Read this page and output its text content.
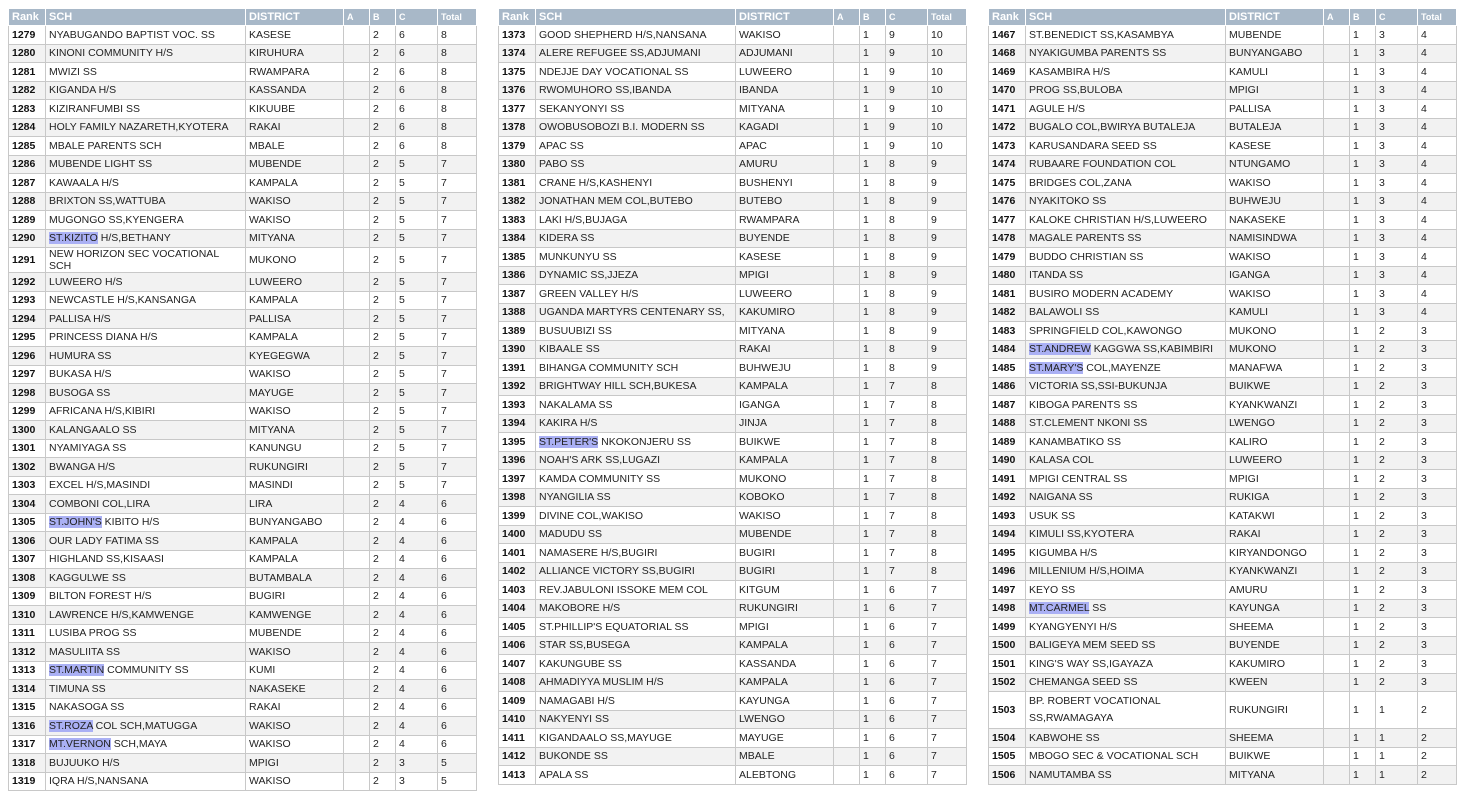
Rank	SCH	DISTRICT	A	B	C	Total
1279	NYABUGANDO BAPTIST VOC. SS	KASESE		2	6	8
1280	KINONI COMMUNITY H/S	KIRUHURA		2	6	8
1281	MWIZI SS	RWAMPARA		2	6	8
1282	KIGANDA H/S	KASSANDA		2	6	8
1283	KIZIRANFUMBI SS	KIKUUBE		2	6	8
1284	HOLY FAMILY NAZARETH,KYOTERA	RAKAI		2	6	8
1285	MBALE PARENTS SCH	MBALE		2	6	8
1286	MUBENDE LIGHT SS	MUBENDE		2	5	7
1287	KAWAALA H/S	KAMPALA		2	5	7
1288	BRIXTON SS,WATTUBA	WAKISO		2	5	7
1289	MUGONGO SS,KYENGERA	WAKISO		2	5	7
1290	ST.KIZITO H/S,BETHANY	MITYANA		2	5	7
1291	NEW HORIZON SEC VOCATIONAL SCH	MUKONO		2	5	7
1292	LUWEERO H/S	LUWEERO		2	5	7
1293	NEWCASTLE H/S,KANSANGA	KAMPALA		2	5	7
1294	PALLISA H/S	PALLISA		2	5	7
1295	PRINCESS DIANA H/S	KAMPALA		2	5	7
1296	HUMURA SS	KYEGEGWA		2	5	7
1297	BUKASA H/S	WAKISO		2	5	7
1298	BUSOGA SS	MAYUGE		2	5	7
1299	AFRICANA H/S,KIBIRI	WAKISO		2	5	7
1300	KALANGAALO SS	MITYANA		2	5	7
1301	NYAMIYAGA SS	KANUNGU		2	5	7
1302	BWANGA H/S	RUKUNGIRI		2	5	7
1303	EXCEL H/S,MASINDI	MASINDI		2	5	7
1304	COMBONI COL,LIRA	LIRA		2	4	6
1305	ST.JOHN'S KIBITO H/S	BUNYANGABO		2	4	6
1306	OUR LADY FATIMA SS	KAMPALA		2	4	6
1307	HIGHLAND SS,KISAASI	KAMPALA		2	4	6
1308	KAGGULWE SS	BUTAMBALA		2	4	6
1309	BILTON FOREST H/S	BUGIRI		2	4	6
1310	LAWRENCE H/S,KAMWENGE	KAMWENGE		2	4	6
1311	LUSIBA PROG SS	MUBENDE		2	4	6
1312	MASULIITA SS	WAKISO		2	4	6
1313	ST.MARTIN COMMUNITY SS	KUMI		2	4	6
1314	TIMUNA SS	NAKASEKE		2	4	6
1315	NAKASOGA SS	RAKAI		2	4	6
1316	ST.ROZA COL SCH,MATUGGA	WAKISO		2	4	6
1317	MT.VERNON SCH,MAYA	WAKISO		2	4	6
1318	BUJUUKO H/S	MPIGI		2	3	5
1319	IQRA H/S,NANSANA	WAKISO		2	3	5
Rank	SCH	DISTRICT	A	B	C	Total
1373	GOOD SHEPHERD H/S,NANSANA	WAKISO		1	9	10
1374	ALERE REFUGEE SS,ADJUMANI	ADJUMANI		1	9	10
1375	NDEJJE DAY VOCATIONAL SS	LUWEERO		1	9	10
1376	RWOMUHORO SS,IBANDA	IBANDA		1	9	10
1377	SEKANYONYI SS	MITYANA		1	9	10
1378	OWOBUSOBOZI B.I. MODERN SS	KAGADI		1	9	10
1379	APAC SS	APAC		1	9	10
1380	PABO SS	AMURU		1	8	9
1381	CRANE H/S,KASHENYI	BUSHENYI		1	8	9
1382	JONATHAN MEM COL,BUTEBO	BUTEBO		1	8	9
1383	LAKI H/S,BUJAGA	RWAMPARA		1	8	9
1384	KIDERA SS	BUYENDE		1	8	9
1385	MUNKUNYU SS	KASESE		1	8	9
1386	DYNAMIC SS,JJEZA	MPIGI		1	8	9
1387	GREEN VALLEY H/S	LUWEERO		1	8	9
1388	UGANDA MARTYRS CENTENARY SS,	KAKUMIRO		1	8	9
1389	BUSUUBIZI SS	MITYANA		1	8	9
1390	KIBAALE SS	RAKAI		1	8	9
1391	BIHANGA COMMUNITY SCH	BUHWEJU		1	8	9
1392	BRIGHTWAY HILL SCH,BUKESA	KAMPALA		1	7	8
1393	NAKALAMA SS	IGANGA		1	7	8
1394	KAKIRA H/S	JINJA		1	7	8
1395	ST.PETER'S NKOKONJERU SS	BUIKWE		1	7	8
1396	NOAH'S ARK SS,LUGAZI	KAMPALA		1	7	8
1397	KAMDA COMMUNITY SS	MUKONO		1	7	8
1398	NYANGILIA SS	KOBOKO		1	7	8
1399	DIVINE COL,WAKISO	WAKISO		1	7	8
1400	MADUDU SS	MUBENDE		1	7	8
1401	NAMASERE H/S,BUGIRI	BUGIRI		1	7	8
1402	ALLIANCE VICTORY SS,BUGIRI	BUGIRI		1	7	8
1403	REV.JABULONI ISSOKE MEM COL	KITGUM		1	6	7
1404	MAKOBORE H/S	RUKUNGIRI		1	6	7
1405	ST.PHILLIP'S EQUATORIAL SS	MPIGI		1	6	7
1406	STAR SS,BUSEGA	KAMPALA		1	6	7
1407	KAKUNGUBE SS	KASSANDA		1	6	7
1408	AHMADIYYA MUSLIM H/S	KAMPALA		1	6	7
1409	NAMAGABI H/S	KAYUNGA		1	6	7
1410	NAKYENYI SS	LWENGO		1	6	7
1411	KIGANDAALO SS,MAYUGE	MAYUGE		1	6	7
1412	BUKONDE SS	MBALE		1	6	7
1413	APALA SS	ALEBTONG		1	6	7
Rank	SCH	DISTRICT	A	B	C	Total
1467	ST.BENEDICT SS,KASAMBYA	MUBENDE		1	3	4
1468	NYAKIGUMBA PARENTS SS	BUNYANGABO		1	3	4
1469	KASAMBIRA H/S	KAMULI		1	3	4
1470	PROG SS,BULOBA	MPIGI		1	3	4
1471	AGULE H/S	PALLISA		1	3	4
1472	BUGALO COL,BWIRYA BUTALEJA	BUTALEJA		1	3	4
1473	KARUSANDARA SEED SS	KASESE		1	3	4
1474	RUBAARE FOUNDATION COL	NTUNGAMO		1	3	4
1475	BRIDGES COL,ZANA	WAKISO		1	3	4
1476	NYAKITOKO SS	BUHWEJU		1	3	4
1477	KALOKE CHRISTIAN H/S,LUWEERO	NAKASEKE		1	3	4
1478	MAGALE PARENTS SS	NAMISINDWA		1	3	4
1479	BUDDO CHRISTIAN SS	WAKISO		1	3	4
1480	ITANDA SS	IGANGA		1	3	4
1481	BUSIRO MODERN ACADEMY	WAKISO		1	3	4
1482	BALAWOLI SS	KAMULI		1	3	4
1483	SPRINGFIELD COL,KAWONGO	MUKONO		1	2	3
1484	ST.ANDREW KAGGWA SS,KABIMBIRI	MUKONO		1	2	3
1485	ST.MARY'S COL,MAYENZE	MANAFWA		1	2	3
1486	VICTORIA SS,SSI-BUKUNJA	BUIKWE		1	2	3
1487	KIBOGA PARENTS SS	KYANKWANZI		1	2	3
1488	ST.CLEMENT NKONI SS	LWENGO		1	2	3
1489	KANAMBATIKO SS	KALIRO		1	2	3
1490	KALASA COL	LUWEERO		1	2	3
1491	MPIGI CENTRAL SS	MPIGI		1	2	3
1492	NAIGANA SS	RUKIGA		1	2	3
1493	USUK SS	KATAKWI		1	2	3
1494	KIMULI SS,KYOTERA	RAKAI		1	2	3
1495	KIGUMBA H/S	KIRYANDONGO		1	2	3
1496	MILLENIUM H/S,HOIMA	KYANKWANZI		1	2	3
1497	KEYO SS	AMURU		1	2	3
1498	MT.CARMEL SS	KAYUNGA		1	2	3
1499	KYANGYENYI H/S	SHEEMA		1	2	3
1500	BALIGEYA MEM SEED SS	BUYENDE		1	2	3
1501	KING'S WAY SS,IGAYAZA	KAKUMIRO		1	2	3
1502	CHEMANGA SEED SS	KWEEN		1	2	3
1503	BP. ROBERT VOCATIONAL SS,RWAMAGAYA	RUKUNGIRI		1	1	2
1504	KABWOHE SS	SHEEMA		1	1	2
1505	MBOGO SEC & VOCATIONAL SCH	BUIKWE		1	1	2
1506	NAMUTAMBA SS	MITYANA		1	1	2
